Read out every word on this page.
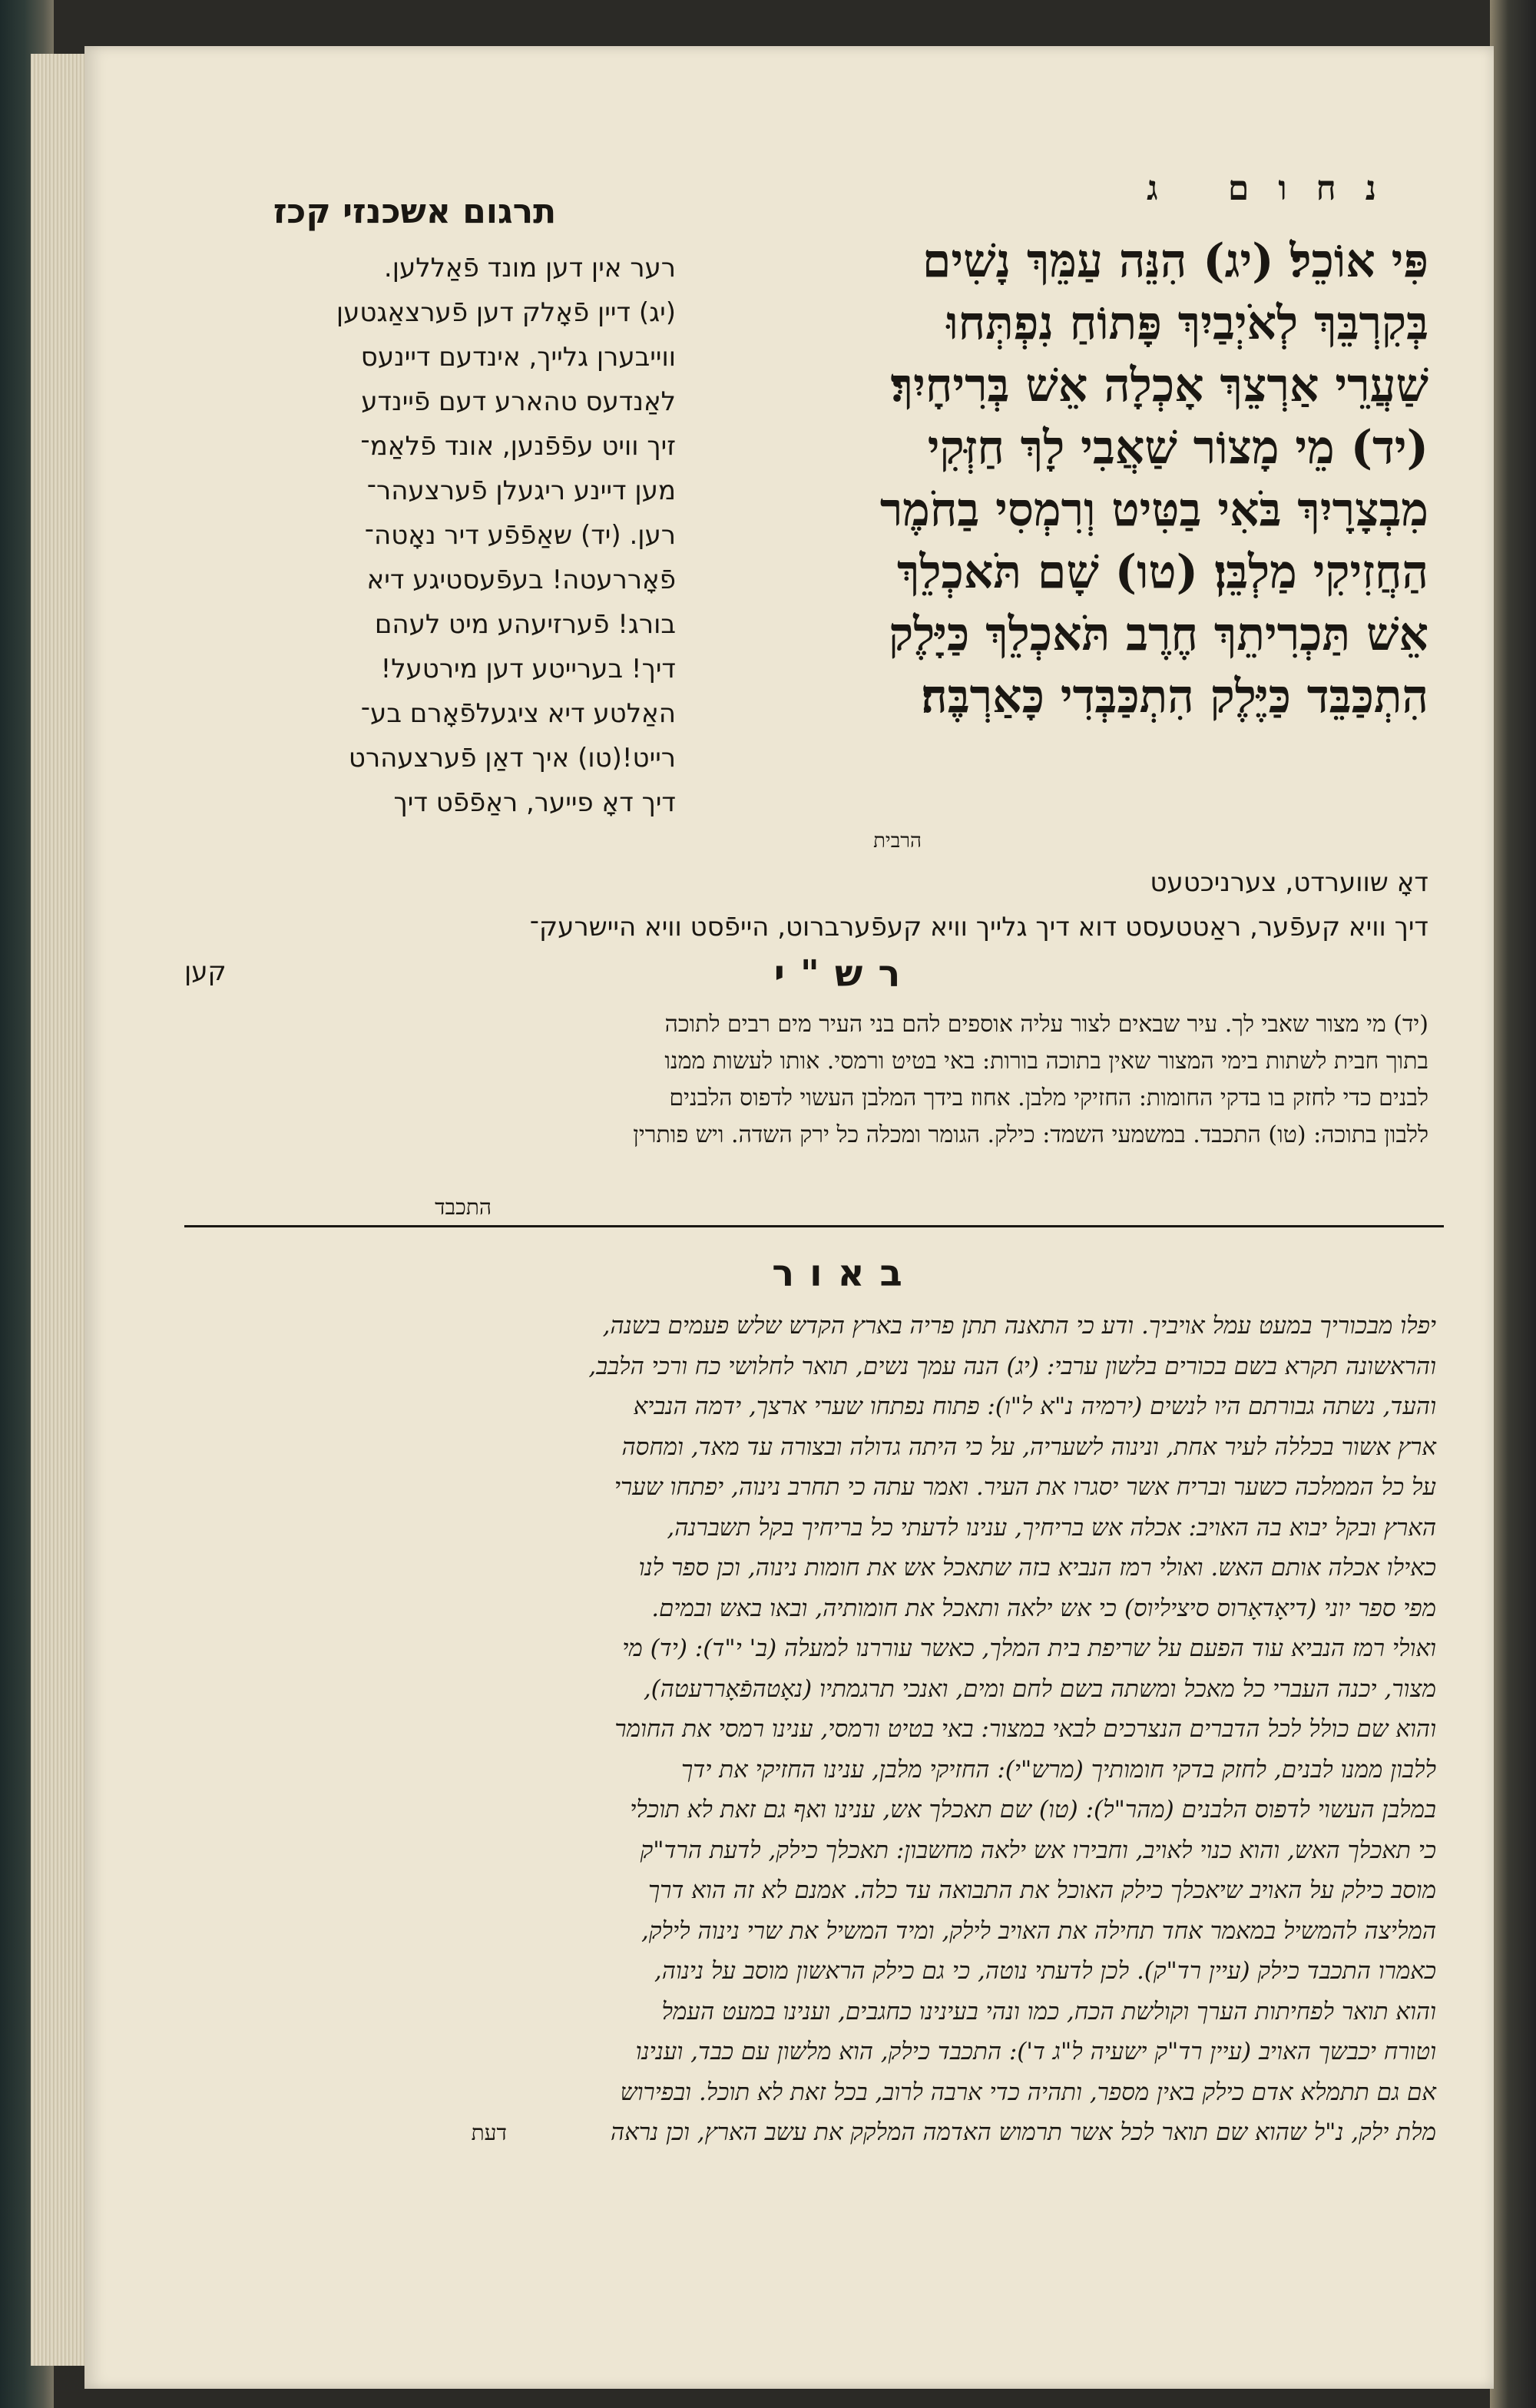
נחום ג
תרגום אשכנזי קכז
פִּי אוֹכֵל׃ (יג) הִנֵּה עַמֵּךְ נָשִׁים
בְּקִרְבֵּךְ לְאֹיְבַיִךְ פָּתוֹחַ נִפְתְּחוּ
שַׁעֲרֵי אַרְצֵךְ אָכְלָה אֵשׁ בְּרִיחָיִךְ׃
(יד) מֵי מָצוֹר שַׁאֲבִי לָךְ חַזְּקִי
מִבְצָרָיִךְ בֹּאִי בַטִּיט וְרִמְסִי בַחֹמֶר
הַחֲזִיקִי מַלְבֵּן׃ (טו) שָׁם תֹּאכְלֵךְ
אֵשׁ תַּכְרִיתֵךְ חֶרֶב תֹּאכְלֵךְ כַּיָּלֶק
הִתְכַּבֵּד כַּיֶּלֶק הִתְכַּבְּדִי כָּאַרְבֶּה׃
הרבית
רער אין דען מונד פֿאַללען.
(יג) דיין פֿאָלק דען פֿערצאַגטען
ווייבערן גלייך, אינדעם דיינעס
לאַנדעס טהארע דעם פֿיינדע
זיך וויט עפֿפֿנען, אונד פֿלאַמ־
מען דיינע ריגעלן פֿערצעהר־
רען. (יד) שאַפֿפֿע דיר נאָטה־
פֿאָררעטה! בעפֿעסטיגע דיא
בורג! פֿערזיעהע מיט לעהם
דיך! בערייטע דען מירטעל!
האַלטע דיא ציגעלפֿאָרם בע־
רייט!(טו) איך דאַן פֿערצעהרט
דיך דאָ פייער, ראַפֿפֿט דיך
דאָ שווערדט, צערניכטעט
דיך וויא קעפֿער, ראַטטעסט דוא דיך גלייך וויא קעפֿערברוט, הייפֿסט וויא היישרעק־
קען	רש"י
(יד) מי מצור שאבי לך. עיר שבאים לצור עליה אוספים להם בני העיר מים רבים לתוכה
בתוך חבית לשתות בימי המצור שאין בתוכה בורות: באי בטיט ורמסי. אותו לעשות ממנו
לבנים כדי לחזק בו בדקי החומות: החזיקי מלבן. אחוז בידך המלבן העשוי לדפוס הלבנים
ללבון בתוכה: (טו) התכבד. במשמעי השמד: כילק. הגומר ומכלה כל ירק השדה. ויש פותרין
התכבד
באור
יפלו מבכוריך במעט עמל אויביך. ודע כי התאנה תתן פריה בארץ הקדש שלש פעמים בשנה,
והראשונה תקרא בשם בכורים בלשון ערבי: (יג) הנה עמך נשים, תואר לחלושי כח ורכי הלבב,
והעד, נשתה גבורתם היו לנשים (ירמיה נ"א ל"ו): פתוח נפתחו שערי ארצך, ידמה הנביא
ארץ אשור בכללה לעיר אחת, ונינוה לשעריה, על כי היתה גדולה ובצורה עד מאד, ומחסה
על כל הממלכה כשער ובריח אשר יסגרו את העיר. ואמר עתה כי תחרב נינוה, יפתחו שערי
הארץ ובקל יבוא בה האויב: אכלה אש בריחיך, ענינו לדעתי כל בריחיך בקל תשברנה,
כאילו אכלה אותם האש. ואולי רמז הנביא בזה שתאכל אש את חומות נינוה, וכן ספר לנו
מפי ספר יוני (דיאָדאָרוס סיציליוס) כי אש ילאה ותאכל את חומותיה, ובאו באש ובמים.
ואולי רמז הנביא עוד הפעם על שריפת בית המלך, כאשר עוררנו למעלה (ב' י"ד): (יד) מי
מצור, יכנה העברי כל מאכל ומשתה בשם לחם ומים, ואנכי תרגמתיו (נאָטהפֿאָררעטה),
והוא שם כולל לכל הדברים הנצרכים לבאי במצור: באי בטיט ורמסי, ענינו רמסי את החומר
ללבון ממנו לבנים, לחזק בדקי חומותיך (מרש"י): החזיקי מלבן, ענינו החזיקי את ידך
במלבן העשוי לדפוס הלבנים (מהר"ל): (טו) שם תאכלך אש, ענינו ואף גם זאת לא תוכלי
כי תאכלך האש, והוא כנוי לאויב, וחבירו אש ילאה מחשבון: תאכלך כילק, לדעת הרד"ק
מוסב כילק על האויב שיאכלך כילק האוכל את התבואה עד כלה. אמנם לא זה הוא דרך
המליצה להמשיל במאמר אחד תחילה את האויב לילק, ומיד המשיל את שרי נינוה לילק,
כאמרו התכבד כילק (עיין רד"ק). לכן לדעתי נוטה, כי גם כילק הראשון מוסב על נינוה,
והוא תואר לפחיתות הערך וקולשת הכח, כמו ונהי בעינינו כחגבים, וענינו במעט העמל
וטורח יכבשך האויב (עיין רד"ק ישעיה ל"ג ד'): התכבד כילק, הוא מלשון עם כבד, וענינו
אם גם תתמלא אדם כילק באין מספר, ותהיה כדי ארבה לרוב, בכל זאת לא תוכל. ובפירוש
מלת ילק, נ"ל שהוא שם תואר לכל אשר תרמוש האדמה המלקק את עשב הארץ, וכן נראה
דעת
